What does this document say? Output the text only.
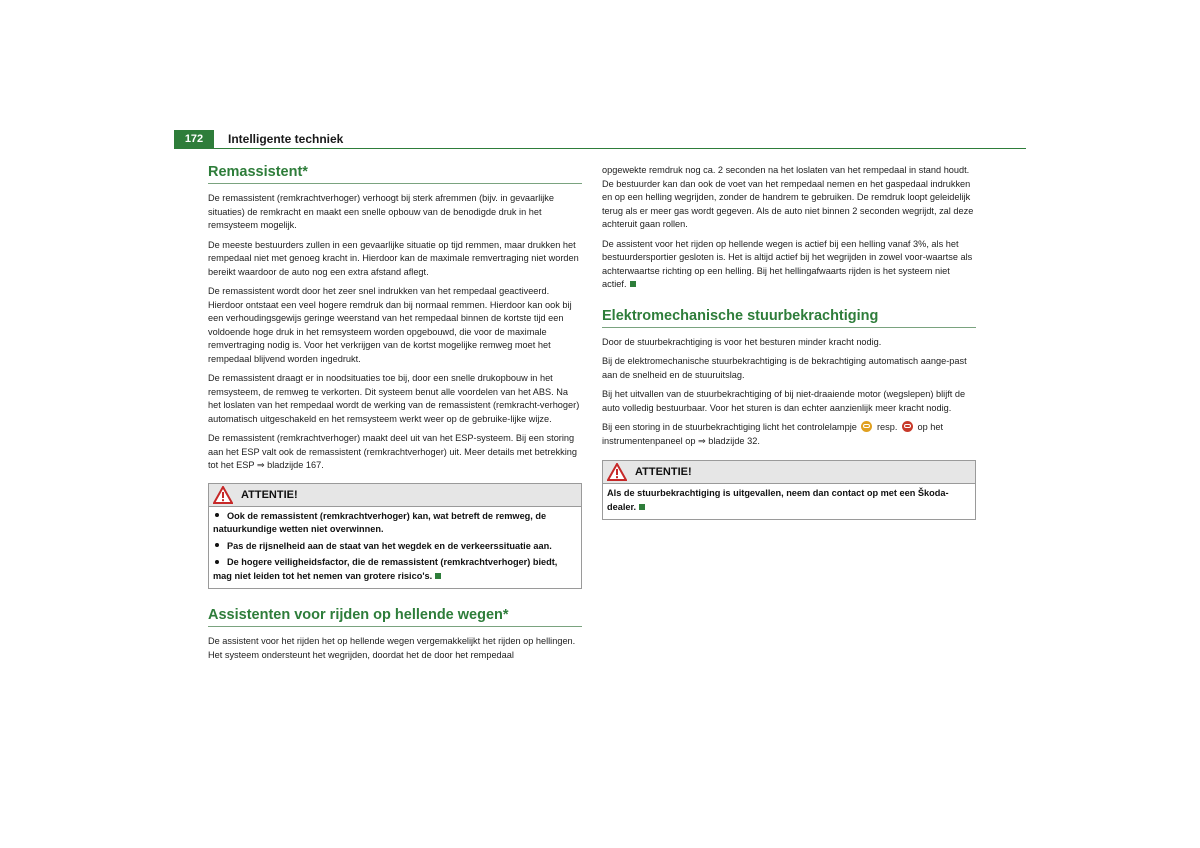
172	Intelligente techniek
Remassistent*

De remassistent (remkrachtverhoger) verhoogt bij sterk afremmen (bijv. in gevaarlijke situaties) de remkracht en maakt een snelle opbouw van de benodigde druk in het remsysteem mogelijk.

De meeste bestuurders zullen in een gevaarlijke situatie op tijd remmen, maar drukken het rempedaal niet met genoeg kracht in. Hierdoor kan de maximale remvertraging niet worden bereikt waardoor de auto nog een extra afstand aflegt.

De remassistent wordt door het zeer snel indrukken van het rempedaal geactiveerd. Hierdoor ontstaat een veel hogere remdruk dan bij normaal remmen. Hierdoor kan ook bij een verhoudingsgewijs geringe weerstand van het rempedaal binnen de kortste tijd een voldoende hoge druk in het remsysteem worden opgebouwd, die voor de maximale remvertraging nodig is. Voor het verkrijgen van de kortst mogelijke remweg moet het rempedaal blijvend worden ingedrukt.

De remassistent draagt er in noodsituaties toe bij, door een snelle drukopbouw in het remsysteem, de remweg te verkorten. Dit systeem benut alle voordelen van het ABS. Na het loslaten van het rempedaal wordt de werking van de remassistent (remkracht-verhoger) automatisch uitgeschakeld en het remsysteem werkt weer op de gebruike-lijke wijze.

De remassistent (remkrachtverhoger) maakt deel uit van het ESP-systeem. Bij een storing aan het ESP valt ook de remassistent (remkrachtverhoger) uit. Meer details met betrekking tot het ESP ⇒ bladzijde 167.

ATTENTIE!

Ook de remassistent (remkrachtverhoger) kan, wat betreft de remweg, de natuurkundige wetten niet overwinnen.

Pas de rijsnelheid aan de staat van het wegdek en de verkeerssituatie aan.

De hogere veiligheidsfactor, die de remassistent (remkrachtverhoger) biedt, mag niet leiden tot het nemen van grotere risico's.

Assistenten voor rijden op hellende wegen*

De assistent voor het rijden het op hellende wegen vergemakkelijkt het rijden op hellingen. Het systeem ondersteunt het wegrijden, doordat het de door het rempedaal

opgewekte remdruk nog ca. 2 seconden na het loslaten van het rempedaal in stand houdt. De bestuurder kan dan ook de voet van het rempedaal nemen en het gaspedaal indrukken en op een helling wegrijden, zonder de handrem te gebruiken. De remdruk loopt geleidelijk terug als er meer gas wordt gegeven. Als de auto niet binnen 2 seconden wegrijdt, zal deze achteruit gaan rollen.

De assistent voor het rijden op hellende wegen is actief bij een helling vanaf 3%, als het bestuurdersportier gesloten is. Het is altijd actief bij het wegrijden in zowel voor-waartse als achterwaartse richting op een helling. Bij het hellingafwaarts rijden is het systeem niet actief.

Elektromechanische stuurbekrachtiging

Door de stuurbekrachtiging is voor het besturen minder kracht nodig.

Bij de elektromechanische stuurbekrachtiging is de bekrachtiging automatisch aange-past aan de snelheid en de stuuruitslag.

Bij het uitvallen van de stuurbekrachtiging of bij niet-draaiende motor (wegslepen) blijft de auto volledig bestuurbaar. Voor het sturen is dan echter aanzienlijk meer kracht nodig.

Bij een storing in de stuurbekrachtiging licht het controlelampje resp. op het instrumentenpaneel op ⇒ bladzijde 32.

ATTENTIE!

Als de stuurbekrachtiging is uitgevallen, neem dan contact op met een Škoda-dealer.
